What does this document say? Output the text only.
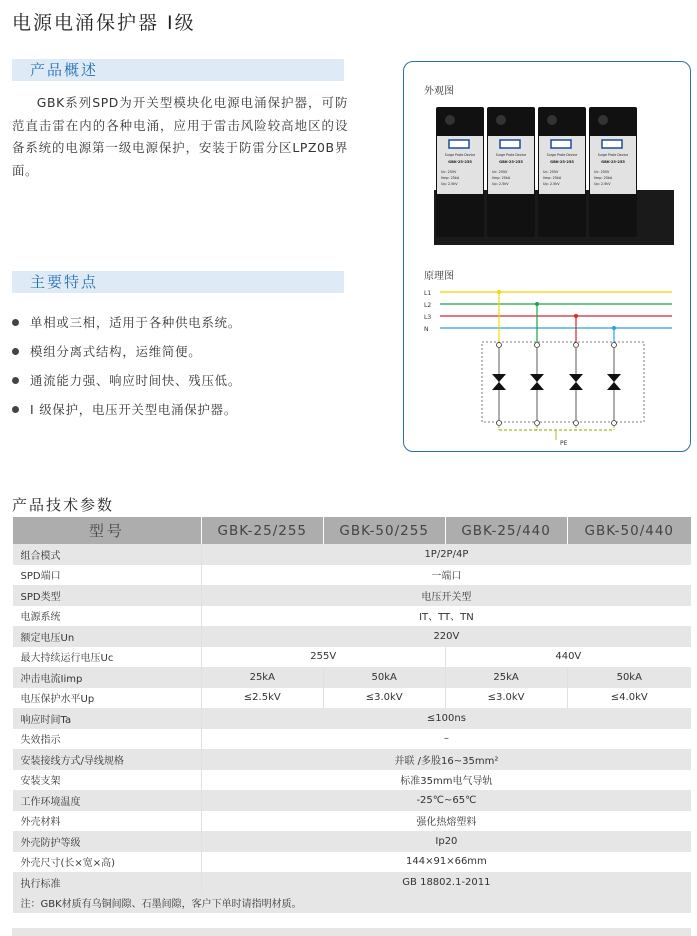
电源电涌保护器 I级
产品概述

GBK系列SPD为开关型模块化电源电涌保护器，可防范直击雷在内的各种电涌，应用于雷击风险较高地区的设备系统的电源第一级电源保护，安装于防雷分区LPZ0B界面。

主要特点
单相或三相，适用于各种供电系统。
模组分离式结构，运维简便。
通流能力强、响应时间快、残压低。
I 级保护，电压开关型电涌保护器。
外观图
Surge Prote Device
GBK-25-255
Uc: 255V
Iimp: 25kA
Up: 2.5kV
Surge Prote Device
GBK-25-255
Uc: 255V
Iimp: 25kA
Up: 2.5kV
Surge Prote Device
GBK-25-255
Uc: 255V
Iimp: 25kA
Up: 2.5kV
Surge Prote Device
GBK-25-255
Uc: 255V
Iimp: 25kA
Up: 2.5kV
原理图
L1
L2
L3
N
PE
产品技术参数
型号	GBK-25/255	GBK-50/255	GBK-25/440	GBK-50/440
组合模式	1P/2P/4P			
SPD端口	一端口			
SPD类型	电压开关型			
电源系统	IT、TT、TN			
额定电压Un	220V			
最大持续运行电压Uc	255V		440V	
冲击电流Iimp	25kA	50kA	25kA	50kA
电压保护水平Up	≤2.5kV	≤3.0kV	≤3.0kV	≤4.0kV
响应时间Ta	≤100ns			
失效指示	–			
安装接线方式/导线规格	并联 /多股16~35mm²			
安装支架	标准35mm电气导轨			
工作环境温度	-25℃~65℃			
外壳材料	强化热熔塑料			
外壳防护等级	Ip20			
外壳尺寸(长×宽×高)	144×91×66mm			
执行标准	GB 18802.1-2011			
注：GBK材质有乌铜间隙、石墨间隙，客户下单时请指明材质。				
